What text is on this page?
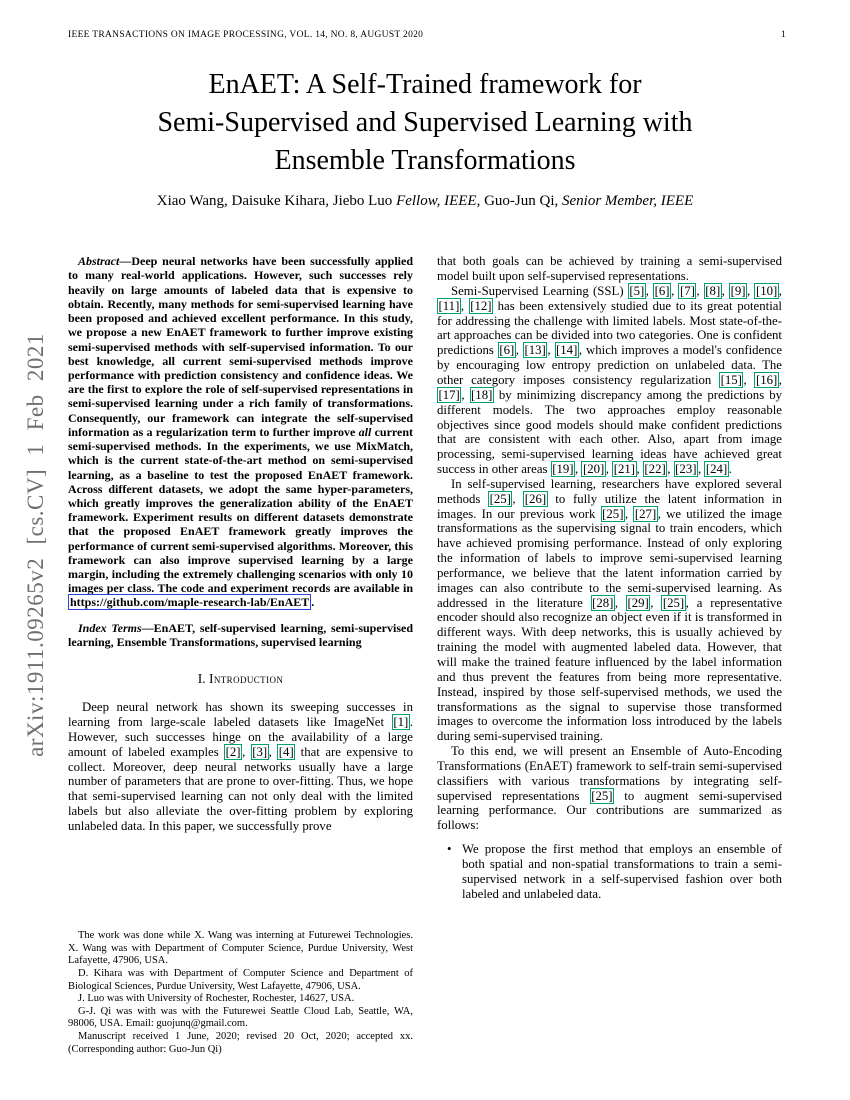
IEEE TRANSACTIONS ON IMAGE PROCESSING, VOL. 14, NO. 8, AUGUST 2020	1
arXiv:1911.09265v2 [cs.CV] 1 Feb 2021
EnAET: A Self-Trained framework for
Semi-Supervised and Supervised Learning with
Ensemble Transformations
Xiao Wang, Daisuke Kihara, Jiebo Luo Fellow, IEEE, Guo-Jun Qi, Senior Member, IEEE

Abstract—Deep neural networks have been successfully applied to many real-world applications. However, such successes rely heavily on large amounts of labeled data that is expensive to obtain. Recently, many methods for semi-supervised learning have been proposed and achieved excellent performance. In this study, we propose a new EnAET framework to further improve existing semi-supervised methods with self-supervised information. To our best knowledge, all current semi-supervised methods improve performance with prediction consistency and confidence ideas. We are the first to explore the role of self-supervised representations in semi-supervised learning under a rich family of transformations. Consequently, our framework can integrate the self-supervised information as a regularization term to further improve all current semi-supervised methods. In the experiments, we use MixMatch, which is the current state-of-the-art method on semi-supervised learning, as a baseline to test the proposed EnAET framework. Across different datasets, we adopt the same hyper-parameters, which greatly improves the generalization ability of the EnAET framework. Experiment results on different datasets demonstrate that the proposed EnAET framework greatly improves the performance of current semi-supervised algorithms. Moreover, this framework can also improve supervised learning by a large margin, including the extremely challenging scenarios with only 10 images per class. The code and experiment records are available in https://github.com/maple-research-lab/EnAET .

Index Terms—EnAET, self-supervised learning, semi-supervised learning, Ensemble Transformations, supervised learning

I. Introduction

Deep neural network has shown its sweeping successes in learning from large-scale labeled datasets like ImageNet [1] . However, such successes hinge on the availability of a large amount of labeled examples [2] , [3] , [4] that are expensive to collect. Moreover, deep neural networks usually have a large number of parameters that are prone to over-fitting. Thus, we hope that semi-supervised learning can not only deal with the limited labels but also alleviate the over-fitting problem by exploring unlabeled data. In this paper, we successfully prove

The work was done while X. Wang was interning at Futurewei Technologies. X. Wang was with Department of Computer Science, Purdue University, West Lafayette, 47906, USA.

D. Kihara was with Department of Computer Science and Department of Biological Sciences, Purdue University, West Lafayette, 47906, USA.

J. Luo was with University of Rochester, Rochester, 14627, USA.

G-J. Qi was with was with the Futurewei Seattle Cloud Lab, Seattle, WA, 98006, USA. Email: guojunq@gmail.com.

Manuscript received 1 June, 2020; revised 20 Oct, 2020; accepted xx. (Corresponding author: Guo-Jun Qi)

that both goals can be achieved by training a semi-supervised model built upon self-supervised representations.

Semi-Supervised Learning (SSL) [5] , [6] , [7] , [8] , [9] , [10] , [11] , [12] has been extensively studied due to its great potential for addressing the challenge with limited labels. Most state-of-the-art approaches can be divided into two categories. One is confident predictions [6] , [13] , [14] , which improves a model's confidence by encouraging low entropy prediction on unlabeled data. The other category imposes consistency regularization [15] , [16] , [17] , [18] by minimizing discrepancy among the predictions by different models. The two approaches employ reasonable objectives since good models should make confident predictions that are consistent with each other. Also, apart from image processing, semi-supervised learning ideas have achieved great success in other areas [19] , [20] , [21] , [22] , [23] , [24] .

In self-supervised learning, researchers have explored several methods [25] , [26] to fully utilize the latent information in images. In our previous work [25] , [27] , we utilized the image transformations as the supervising signal to train encoders, which have achieved promising performance. Instead of only exploring the information of labels to improve semi-supervised learning performance, we believe that the latent information carried by images can also contribute to the semi-supervised learning. As addressed in the literature [28] , [29] , [25] , a representative encoder should also recognize an object even if it is transformed in different ways. With deep networks, this is usually achieved by training the model with augmented labeled data. However, that will make the trained feature influenced by the label information and thus prevent the features from being more representative. Instead, inspired by those self-supervised methods, we used the transformations as the signal to supervise those transformed images to overcome the information loss introduced by the labels during semi-supervised training.

To this end, we will present an Ensemble of Auto-Encoding Transformations (EnAET) framework to self-train semi-supervised classifiers with various transformations by integrating self-supervised representations [25] to augment semi-supervised learning performance. Our contributions are summarized as follows:

• We propose the first method that employs an ensemble of both spatial and non-spatial transformations to train a semi-supervised network in a self-supervised fashion over both labeled and unlabeled data.
